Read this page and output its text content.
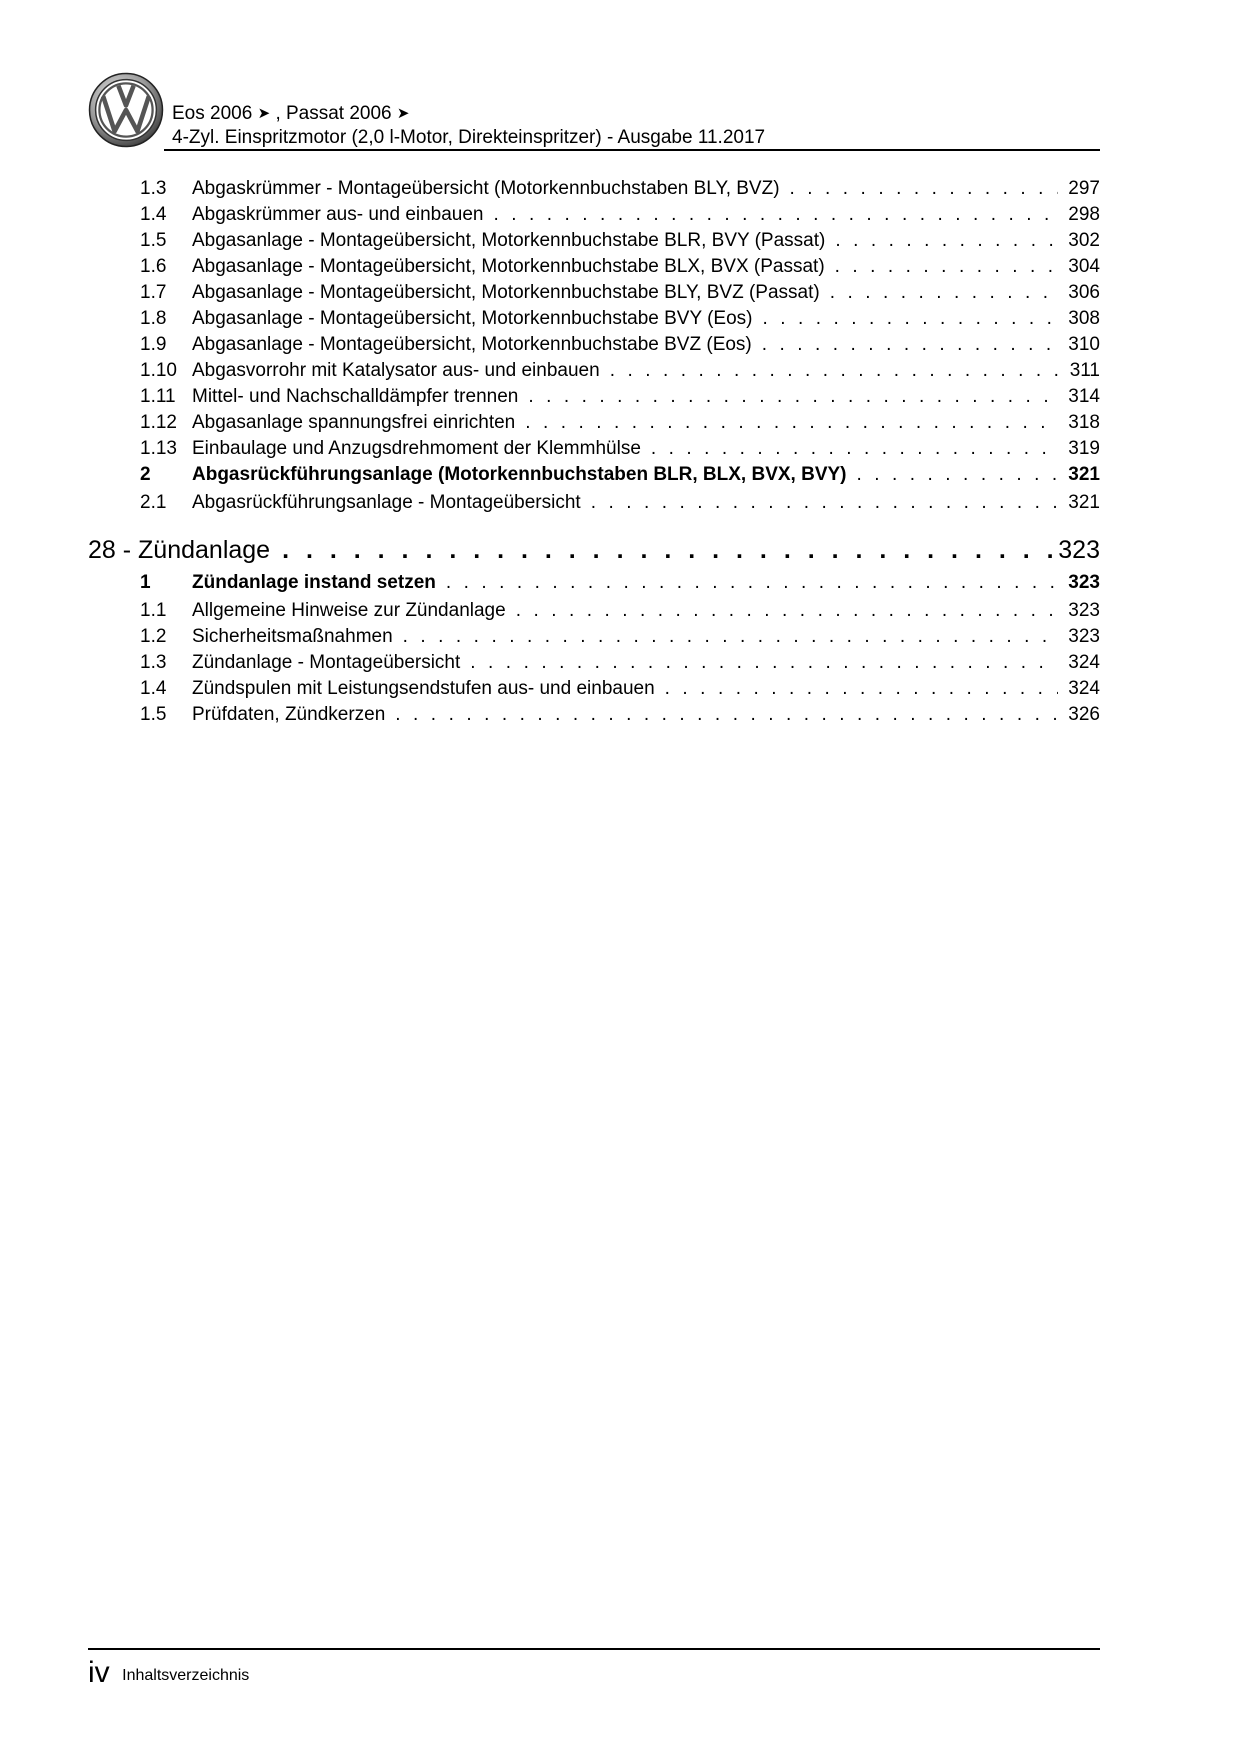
Eos 2006 ➤ , Passat 2006 ➤
4-Zyl. Einspritzmotor (2,0 l-Motor, Direkteinspritzer) - Ausgabe 11.2017
1.3	Abgaskrümmer - Montageübersicht (Motorkennbuchstaben BLY, BVZ) . . .	297
1.4	Abgaskrümmer aus- und einbauen . . .	298
1.5	Abgasanlage - Montageübersicht, Motorkennbuchstabe BLR, BVY (Passat) . . .	302
1.6	Abgasanlage - Montageübersicht, Motorkennbuchstabe BLX, BVX (Passat) . . .	304
1.7	Abgasanlage - Montageübersicht, Motorkennbuchstabe BLY, BVZ (Passat) . . .	306
1.8	Abgasanlage - Montageübersicht, Motorkennbuchstabe BVY (Eos) . . .	308
1.9	Abgasanlage - Montageübersicht, Motorkennbuchstabe BVZ (Eos) . . .	310
1.10 Abgasvorrohr mit Katalysator aus- und einbauen . . .	311
1.11 Mittel- und Nachschalldämpfer trennen . . .	314
1.12 Abgasanlage spannungsfrei einrichten . . .	318
1.13 Einbaulage und Anzugsdrehmoment der Klemmhülse . . .	319
2	Abgasrückführungsanlage (Motorkennbuchstaben BLR, BLX, BVX, BVY) . . .	321
2.1	Abgasrückführungsanlage - Montageübersicht . . .	321
28 - Zündanlage . . .	323
1	Zündanlage instand setzen . . .	323
1.1	Allgemeine Hinweise zur Zündanlage . . .	323
1.2	Sicherheitsmaßnahmen . . .	323
1.3	Zündanlage - Montageübersicht . . .	324
1.4	Zündspulen mit Leistungsendstufen aus- und einbauen . . .	324
1.5	Prüfdaten, Zündkerzen . . .	326
iv Inhaltsverzeichnis
